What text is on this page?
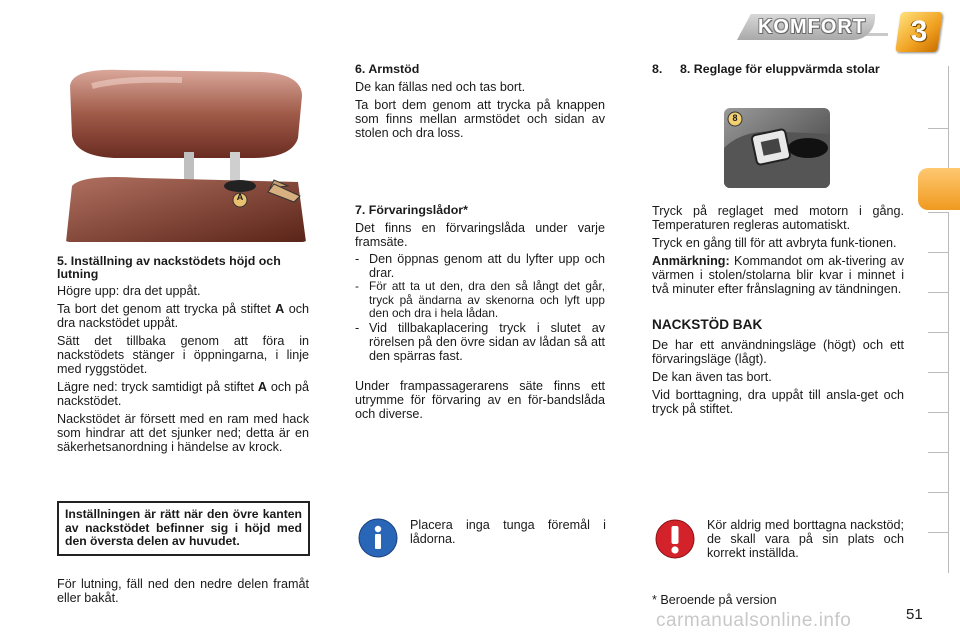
KOMFORT	3
A

5. Inställning av nackstödets höjd och lutning

Högre upp: dra det uppåt.

Ta bort det genom att trycka på stiftet A och dra nackstödet uppåt.

Sätt det tillbaka genom att föra in nackstödets stänger i öppningarna, i linje med ryggstödet.

Lägre ned: tryck samtidigt på stiftet A och på nackstödet.

Nackstödet är försett med en ram med hack som hindrar att det sjunker ned; detta är en säkerhetsanordning i händelse av krock.

Inställningen är rätt när den övre kanten av nackstödet befinner sig i höjd med den översta delen av huvudet.
För lutning, fäll ned den nedre delen framåt eller bakåt.

6. Armstöd

De kan fällas ned och tas bort.

Ta bort dem genom att trycka på knappen som finns mellan armstödet och sidan av stolen och dra loss.

7. Förvaringslådor*

Det finns en förvaringslåda under varje framsäte.

- Den öppnas genom att du lyfter upp och drar.
- För att ta ut den, dra den så långt det går, tryck på ändarna av skenorna och lyft upp den och dra i hela lådan.
- Vid tillbakaplacering tryck i slutet av rörelsen på den övre sidan av lådan så att den spärras fast.

Under frampassagerarens säte finns ett utrymme för förvaring av en för-bandslåda och diverse.

Placera inga tunga föremål i lådorna.
8.	8. Reglage för eluppvärmda stolar
8

Tryck på reglaget med motorn i gång. Temperaturen regleras automatiskt.

Tryck en gång till för att avbryta funk-tionen.

Anmärkning: Kommandot om ak-tivering av värmen i stolen/stolarna blir kvar i minnet i två minuter efter frånslagning av tändningen.

NACKSTÖD BAK

De har ett användningsläge (högt) och ett förvaringsläge (lågt).

De kan även tas bort.

Vid borttagning, dra uppåt till ansla-get och tryck på stiftet.

Kör aldrig med borttagna nackstöd; de skall vara på sin plats och korrekt inställda.
* Beroende på version
carmanualsonline.info	51
